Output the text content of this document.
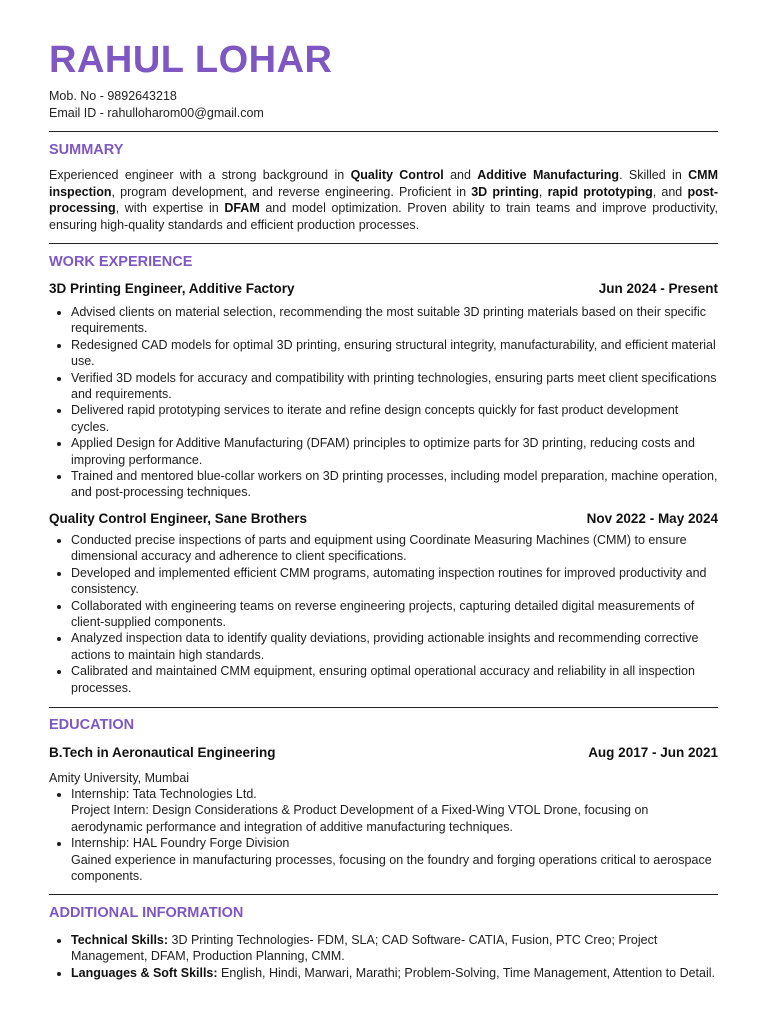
RAHUL LOHAR
Mob. No - 9892643218
Email ID - rahulloharom00@gmail.com
SUMMARY

Experienced engineer with a strong background in Quality Control and Additive Manufacturing. Skilled in CMM inspection, program development, and reverse engineering. Proficient in 3D printing, rapid prototyping, and post-processing, with expertise in DFAM and model optimization. Proven ability to train teams and improve productivity, ensuring high-quality standards and efficient production processes.

WORK EXPERIENCE
3D Printing Engineer, Additive Factory	Jun 2024 - Present
• Advised clients on material selection, recommending the most suitable 3D printing materials based on their specific requirements.
• Redesigned CAD models for optimal 3D printing, ensuring structural integrity, manufacturability, and efficient material use.
• Verified 3D models for accuracy and compatibility with printing technologies, ensuring parts meet client specifications and requirements.
• Delivered rapid prototyping services to iterate and refine design concepts quickly for fast product development cycles.
• Applied Design for Additive Manufacturing (DFAM) principles to optimize parts for 3D printing, reducing costs and improving performance.
• Trained and mentored blue-collar workers on 3D printing processes, including model preparation, machine operation, and post-processing techniques.
Quality Control Engineer, Sane Brothers	Nov 2022 - May 2024
• Conducted precise inspections of parts and equipment using Coordinate Measuring Machines (CMM) to ensure dimensional accuracy and adherence to client specifications.
• Developed and implemented efficient CMM programs, automating inspection routines for improved productivity and consistency.
• Collaborated with engineering teams on reverse engineering projects, capturing detailed digital measurements of client-supplied components.
• Analyzed inspection data to identify quality deviations, providing actionable insights and recommending corrective actions to maintain high standards.
• Calibrated and maintained CMM equipment, ensuring optimal operational accuracy and reliability in all inspection processes.
EDUCATION
B.Tech in Aeronautical Engineering	Aug 2017 - Jun 2021
Amity University, Mumbai
• Internship: Tata Technologies Ltd.
Project Intern: Design Considerations & Product Development of a Fixed-Wing VTOL Drone, focusing on aerodynamic performance and integration of additive manufacturing techniques.
• Internship: HAL Foundry Forge Division
Gained experience in manufacturing processes, focusing on the foundry and forging operations critical to aerospace components.
ADDITIONAL INFORMATION
• Technical Skills: 3D Printing Technologies- FDM, SLA; CAD Software- CATIA, Fusion, PTC Creo; Project Management, DFAM, Production Planning, CMM.
• Languages & Soft Skills: English, Hindi, Marwari, Marathi; Problem-Solving, Time Management, Attention to Detail.
